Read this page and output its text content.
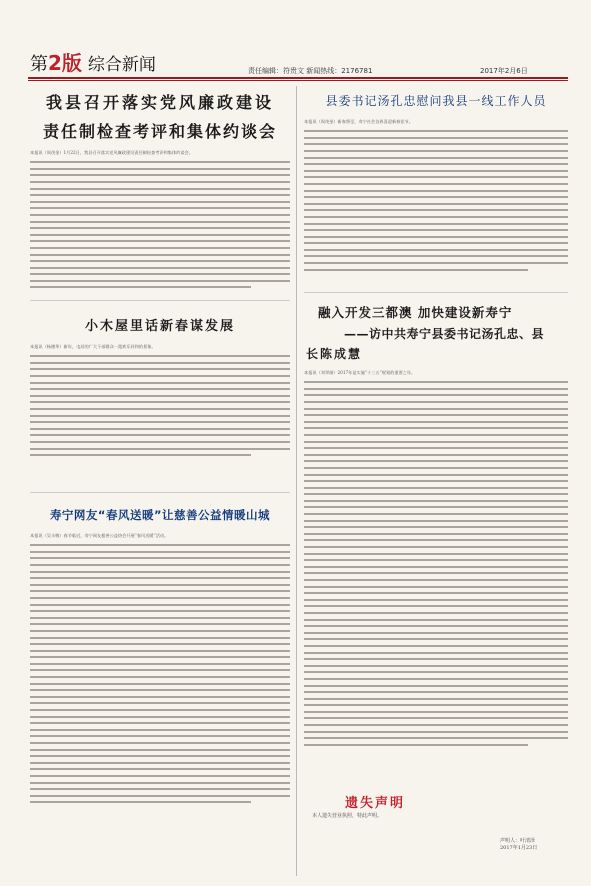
第2版 综合新闻	责任编辑：符贵文 新闻热线：2176781	2017年2月6日
我县召开落实党风廉政建设
责任制检查考评和集体约谈会
本报讯（周茂金）1月22日，我县召开落实党风廉政建设责任制检查考评和集体约谈会。
小木屋里话新春谋发展
本报讯（杨德华）新年，屯昌的广大干部群众一派欢乐祥和的景象。
寿宁网友“春风送暖”让慈善公益情暖山城
本报讯（吴丰梅）春节临近，寿宁网友慈善公益协会开展“春风送暖”活动。
县委书记汤孔忠慰问我县一线工作人员
本报讯（周茂金）新春将至，寿宁社会各界喜迎新春佳节。
融入开发三都澳 加快建设新寿宁
——访中共寿宁县委书记汤孔忠、县
长陈成慧
本报讯（刘翠娟）2017年是实施“十三五”规划的重要之年。
遗失声明
本人遗失营业执照，特此声明。
声明人：叶清泽
2017年1月23日
